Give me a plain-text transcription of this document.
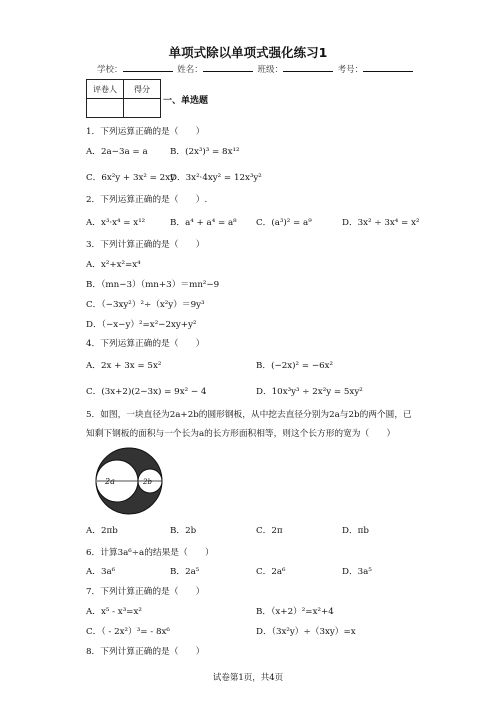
单项式除以单项式强化练习1
学校：	姓名：	班级：	考号：
评卷人	得分

一、单选题
1．下列运算正确的是（　　）
A．2a−3a = a	B．(2x³)³ = 8x¹²
C．6x²y + 3x² = 2xy
D．3x²·4xy² = 12x³y²
2．下列运算正确的是（　　）.
A．x³·x⁴ = x¹²	B．a⁴ + a⁴ = a⁸ C．(a³)² = a⁹	D．3x² ÷ 3x⁴ = x²
3．下列计算正确的是（　　）
A．x²+x²=x⁴
B．（mn−3）（mn+3）＝mn²−9
C．（−3xy²）²÷（x²y）＝9y³
D．（−x−y）²=x²−2xy+y²
4．下列运算正确的是（　　）
A．2x + 3x = 5x²	B．(−2x)² = −6x²
C．(3x+2)(2−3x) = 9x² − 4	D．10x³y³ ÷ 2x²y = 5xy²
5．如图，一块直径为2a+2b的圆形钢板，从中挖去直径分别为2a与2b的两个圆，已
知剩下钢板的面积与一个长为a的长方形面积相等，则这个长方形的宽为（　　）
2a	2b
A．2πb	B．2b	C．2π	D．πb
6．计算3a⁶÷a的结果是（　　）
A．3a⁶	B．2a⁵	C．2a⁶	D．3a⁵
7．下列计算正确的是（　　）
A．x⁵ - x³=x²	B．（x+2）²=x²+4
C．（ - 2x²）³= - 8x⁶	D．（3x²y）÷（3xy）=x
8．下列计算正确的是（　　）
试卷第1页，共4页
